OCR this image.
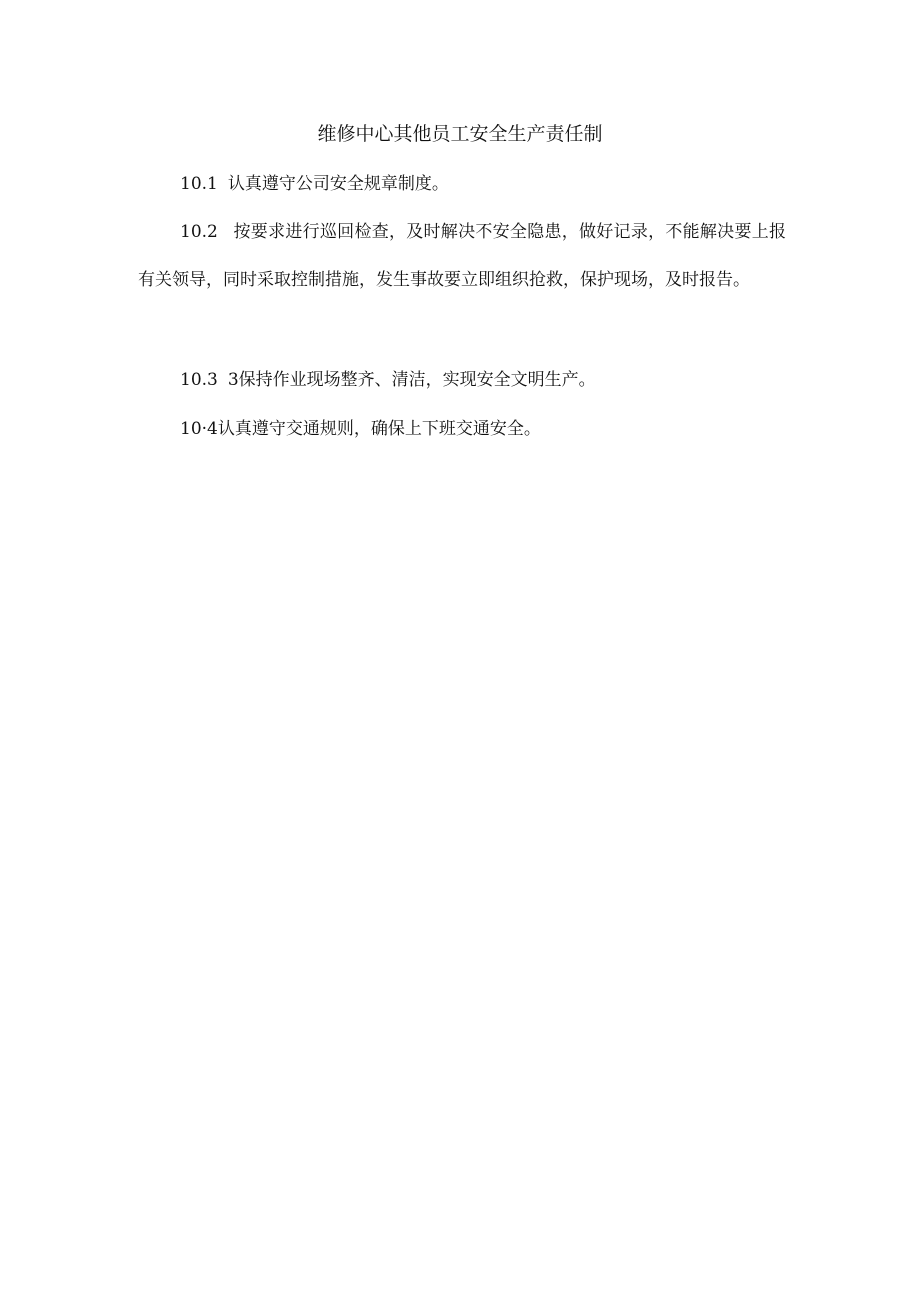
维修中心其他员工安全生产责任制

10.1 认真遵守公司安全规章制度。

10.2 按要求进行巡回检查，及时解决不安全隐患，做好记录，不能解决要上报有关领导，同时采取控制措施，发生事故要立即组织抢救，保护现场，及时报告。

10.3 3保持作业现场整齐、清洁，实现安全文明生产。

10·4认真遵守交通规则，确保上下班交通安全。
